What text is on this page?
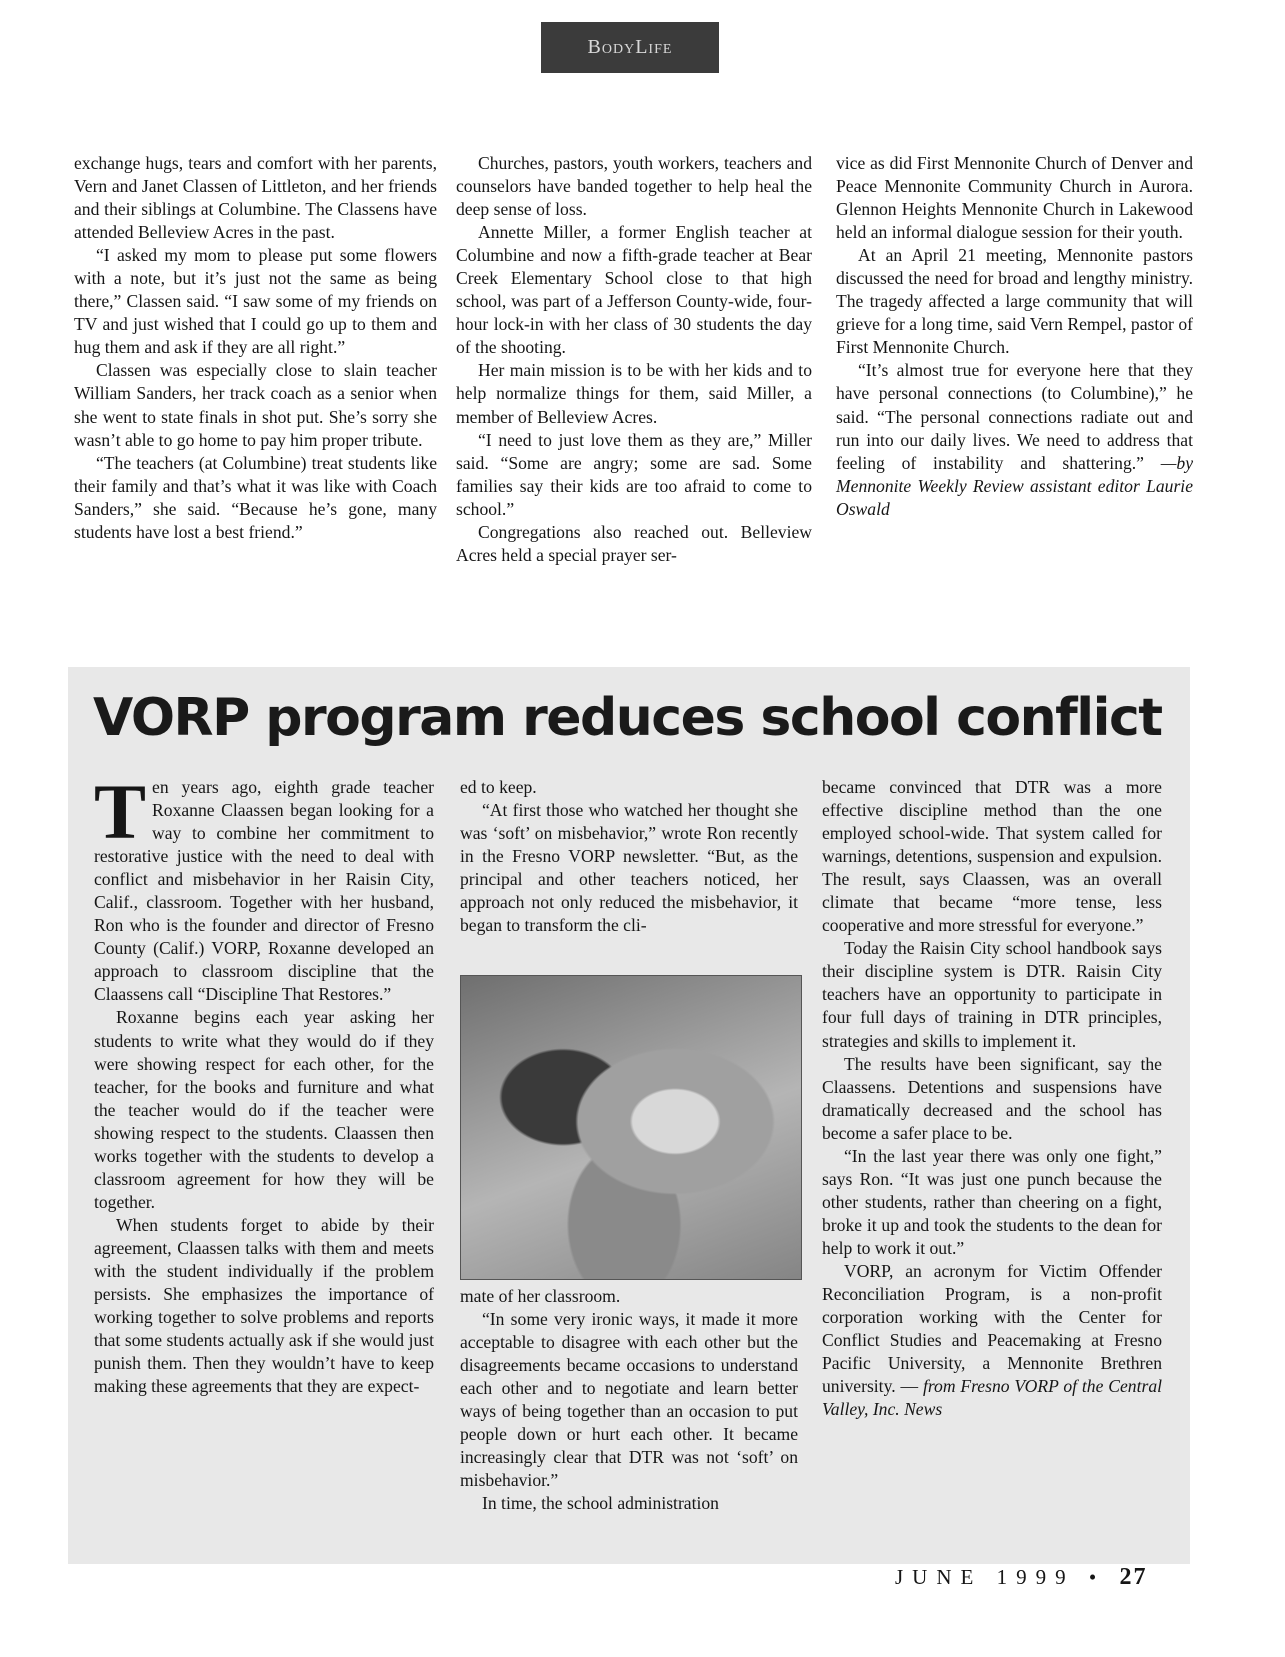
BodyLife

exchange hugs, tears and comfort with her parents, Vern and Janet Classen of Littleton, and her friends and their siblings at Columbine. The Classens have attended Belleview Acres in the past.

“I asked my mom to please put some flowers with a note, but it’s just not the same as being there,” Classen said. “I saw some of my friends on TV and just wished that I could go up to them and hug them and ask if they are all right.”

Classen was especially close to slain teacher William Sanders, her track coach as a senior when she went to state finals in shot put. She’s sorry she wasn’t able to go home to pay him proper tribute.

“The teachers (at Columbine) treat students like their family and that’s what it was like with Coach Sanders,” she said. “Because he’s gone, many students have lost a best friend.”

Churches, pastors, youth workers, teachers and counselors have banded together to help heal the deep sense of loss.

Annette Miller, a former English teacher at Columbine and now a fifth-grade teacher at Bear Creek Elementary School close to that high school, was part of a Jefferson County-wide, four-hour lock-in with her class of 30 students the day of the shooting.

Her main mission is to be with her kids and to help normalize things for them, said Miller, a member of Belleview Acres.

“I need to just love them as they are,” Miller said. “Some are angry; some are sad. Some families say their kids are too afraid to come to school.”

Congregations also reached out. Belleview Acres held a special prayer ser-

vice as did First Mennonite Church of Denver and Peace Mennonite Community Church in Aurora. Glennon Heights Mennonite Church in Lakewood held an informal dialogue session for their youth.

At an April 21 meeting, Mennonite pastors discussed the need for broad and lengthy ministry. The tragedy affected a large community that will grieve for a long time, said Vern Rempel, pastor of First Mennonite Church.

“It’s almost true for everyone here that they have personal connections (to Columbine),” he said. “The personal connections radiate out and run into our daily lives. We need to address that feeling of instability and shattering.” —by Mennonite Weekly Review assistant editor Laurie Oswald

VORP program reduces school conflict

Ten years ago, eighth grade teacher Roxanne Claassen began looking for a way to combine her commitment to restorative justice with the need to deal with conflict and misbehavior in her Raisin City, Calif., classroom. Together with her husband, Ron who is the founder and director of Fresno County (Calif.) VORP, Roxanne developed an approach to classroom discipline that the Claassens call “Discipline That Restores.”

Roxanne begins each year asking her students to write what they would do if they were showing respect for each other, for the teacher, for the books and furniture and what the teacher would do if the teacher were showing respect to the students. Claassen then works together with the students to develop a classroom agreement for how they will be together.

When students forget to abide by their agreement, Claassen talks with them and meets with the student individually if the problem persists. She emphasizes the importance of working together to solve problems and reports that some students actually ask if she would just punish them. Then they wouldn’t have to keep making these agreements that they are expect-

ed to keep.

“At first those who watched her thought she was ‘soft’ on misbehavior,” wrote Ron recently in the Fresno VORP newsletter. “But, as the principal and other teachers noticed, her approach not only reduced the misbehavior, it began to transform the cli-

mate of her classroom.

“In some very ironic ways, it made it more acceptable to disagree with each other but the disagreements became occasions to understand each other and to negotiate and learn better ways of being together than an occasion to put people down or hurt each other. It became increasingly clear that DTR was not ‘soft’ on misbehavior.”

In time, the school administration

became convinced that DTR was a more effective discipline method than the one employed school-wide. That system called for warnings, detentions, suspension and expulsion. The result, says Claassen, was an overall climate that became “more tense, less cooperative and more stressful for everyone.”

Today the Raisin City school handbook says their discipline system is DTR. Raisin City teachers have an opportunity to participate in four full days of training in DTR principles, strategies and skills to implement it.

The results have been significant, say the Claassens. Detentions and suspensions have dramatically decreased and the school has become a safer place to be.

“In the last year there was only one fight,” says Ron. “It was just one punch because the other students, rather than cheering on a fight, broke it up and took the students to the dean for help to work it out.”

VORP, an acronym for Victim Offender Reconciliation Program, is a non-profit corporation working with the Center for Conflict Studies and Peacemaking at Fresno Pacific University, a Mennonite Brethren university. — from Fresno VORP of the Central Valley, Inc. News

JUNE 1999 • 27
